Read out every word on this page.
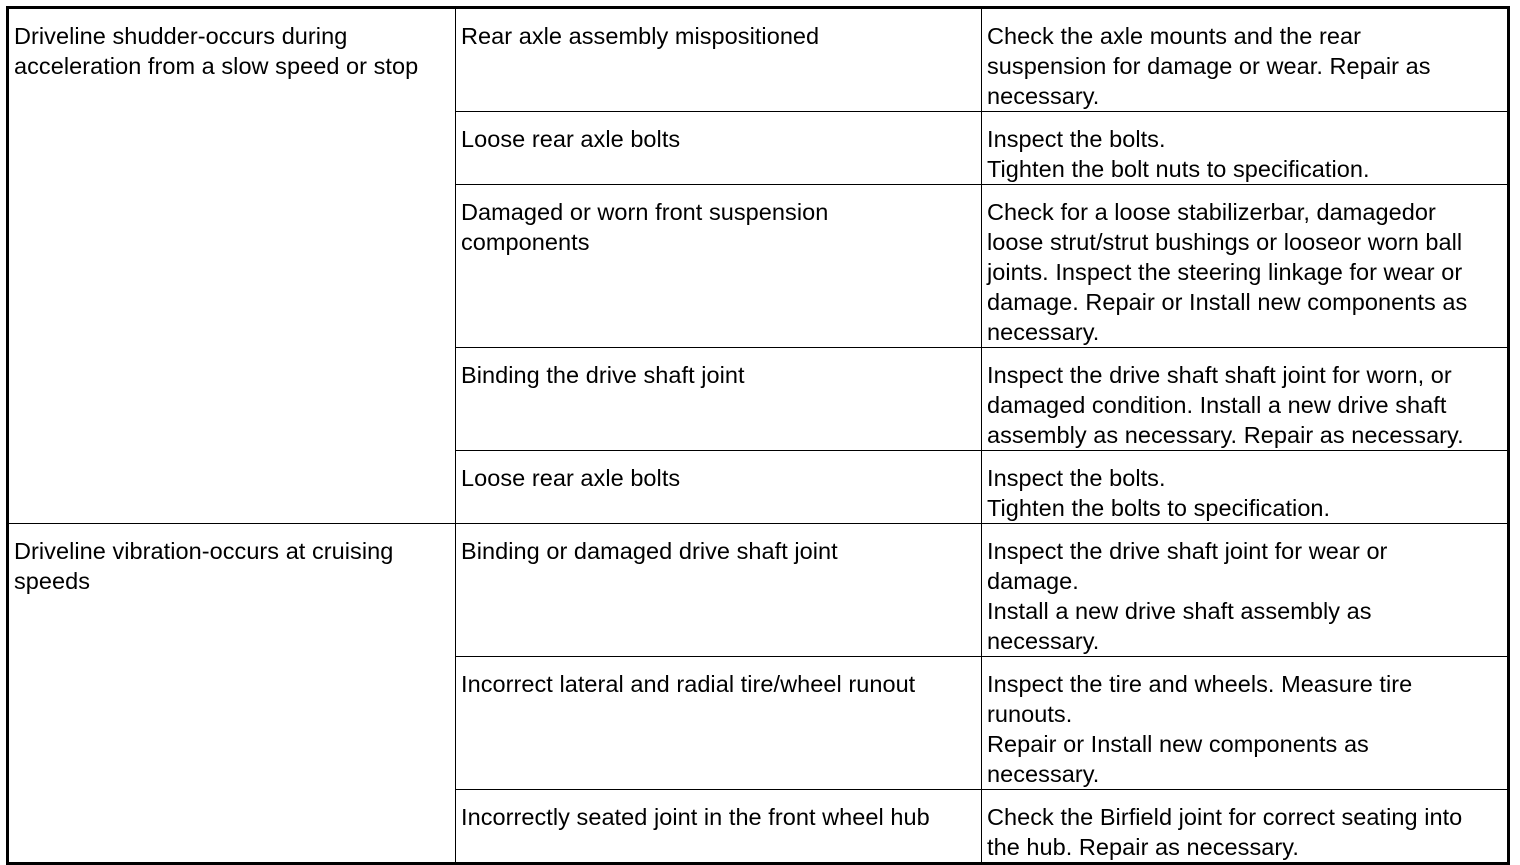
Driveline shudder-occurs during
acceleration from a slow speed or stop	Rear axle assembly mispositioned	Check the axle mounts and the rear
suspension for damage or wear. Repair as
necessary.

	Loose rear axle bolts	Inspect the bolts.
Tighten the bolt nuts to specification.

	Damaged or worn front suspension
components	Check for a loose stabilizerbar, damagedor
loose strut/strut bushings or looseor worn ball
joints. Inspect the steering linkage for wear or
damage. Repair or Install new components as
necessary.

	Binding the drive shaft joint	Inspect the drive shaft shaft joint for worn, or
damaged condition. Install a new drive shaft
assembly as necessary. Repair as necessary.

	Loose rear axle bolts	Inspect the bolts.
Tighten the bolts to specification.

Driveline vibration-occurs at cruising
speeds	Binding or damaged drive shaft joint	Inspect the drive shaft joint for wear or
damage.
Install a new drive shaft assembly as
necessary.

	Incorrect lateral and radial tire/wheel runout	Inspect the tire and wheels. Measure tire
runouts.
Repair or Install new components as
necessary.

	Incorrectly seated joint in the front wheel hub	Check the Birfield joint for correct seating into
the hub. Repair as necessary.
